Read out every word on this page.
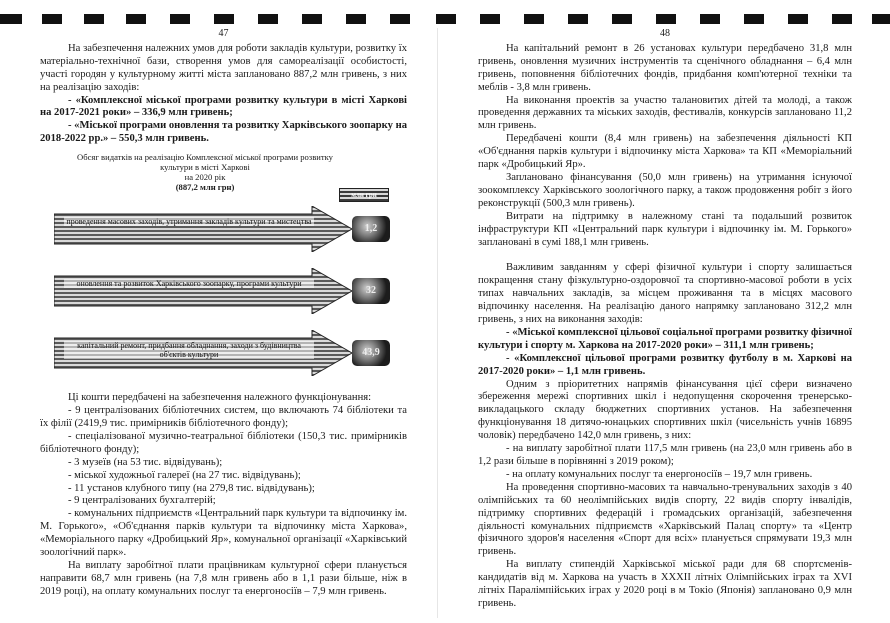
47

На забезпечення належних умов для роботи закладів культури, розвитку їх матеріально-технічної бази, створення умов для самореалізації особистості, участі городян у культурному житті міста заплановано 887,2 млн гривень, з них на реалізацію заходів:

- «Комплексної міської програми розвитку культури в місті Харкові на 2017-2021 роки» – 336,9 млн гривень;

- «Міської програми оновлення та розвитку Харківського зоопарку на 2018-2022 рр.» – 550,3 млн гривень.

Обсяг видатків на реалізацію Комплексної міської програми розвитку
культури в місті Харкові
на 2020 рік
(887,2 млн грн)
млн грн
проведення масових заходів, утримання закладів культури та мистецтва
1,2
оновлення та розвиток Харківського зоопарку, програми культури
32
капітальний ремонт, придбання обладнання, заходи з будівництва об'єктів культури	43,9

Ці кошти передбачені на забезпечення належного функціонування:

- 9 централізованих бібліотечних систем, що включають 74 бібліотеки та їх філії (2419,9 тис. примірників бібліотечного фонду);

- спеціалізованої музично-театральної бібліотеки (150,3 тис. примірників бібліотечного фонду);

- 3 музеїв (на 53 тис. відвідувань);

- міської художньої галереї (на 27 тис. відвідувань);

- 11 установ клубного типу (на 279,8 тис. відвідувань);

- 9 централізованих бухгалтерій;

- комунальних підприємств «Центральний парк культури та відпочинку ім. М. Горького», «Об'єднання парків культури та відпочинку міста Харкова», «Меморіального парку «Дробицький Яр», комунальної організації «Харківський зоологічний парк».

На виплату заробітної плати працівникам культурної сфери планується направити 68,7 млн гривень (на 7,8 млн гривень або в 1,1 рази більше, ніж в 2019 році), на оплату комунальних послуг та енергоносіїв – 7,9 млн гривень.

48

На капітальний ремонт в 26 установах культури передбачено 31,8 млн гривень, оновлення музичних інструментів та сценічного обладнання – 6,4 млн гривень, поповнення бібліотечних фондів, придбання комп'ютерної техніки та меблів - 3,8 млн гривень.

На виконання проектів за участю талановитих дітей та молоді, а також проведення державних та міських заходів, фестивалів, конкурсів заплановано 11,2 млн гривень.

Передбачені кошти (8,4 млн гривень) на забезпечення діяльності КП «Об'єднання парків культури і відпочинку міста Харкова» та КП «Меморіальний парк «Дробицький Яр».

Заплановано фінансування (50,0 млн гривень) на утримання існуючої зоокомплексу Харківського зоологічного парку, а також продовження робіт з його реконструкції (500,3 млн гривень).

Витрати на підтримку в належному стані та подальший розвиток інфраструктури КП «Центральний парк культури і відпочинку ім. М. Горького» заплановані в сумі 188,1 млн гривень.

Важливим завданням у сфері фізичної культури і спорту залишається покращення стану фізкультурно-оздоровчої та спортивно-масової роботи в усіх типах навчальних закладів, за місцем проживання та в місцях масового відпочинку населення. На реалізацію даного напрямку заплановано 312,2 млн гривень, з них на виконання заходів:

- «Міської комплексної цільової соціальної програми розвитку фізичної культури і спорту м. Харкова на 2017-2020 роки» – 311,1 млн гривень;

- «Комплексної цільової програми розвитку футболу в м. Харкові на 2017-2020 роки» – 1,1 млн гривень.

Одним з пріоритетних напрямів фінансування цієї сфери визначено збереження мережі спортивних шкіл і недопущення скорочення тренерсько-викладацького складу бюджетних спортивних установ. На забезпечення функціонування 18 дитячо-юнацьких спортивних шкіл (чисельність учнів 16895 чоловік) передбачено 142,0 млн гривень, з них:

- на виплату заробітної плати 117,5 млн гривень (на 23,0 млн гривень або в 1,2 рази більше в порівнянні з 2019 роком);

- на оплату комунальних послуг та енергоносіїв – 19,7 млн гривень.

На проведення спортивно-масових та навчально-тренувальних заходів з 40 олімпійських та 60 неолімпійських видів спорту, 22 видів спорту інвалідів, підтримку спортивних федерацій і громадських організацій, забезпечення діяльності комунальних підприємств «Харківський Палац спорту» та «Центр фізичного здоров'я населення «Спорт для всіх» планується спрямувати 19,3 млн гривень.

На виплату стипендій Харківської міської ради для 68 спортсменів-кандидатів від м. Харкова на участь в XXXII літніх Олімпійських іграх та XVI літніх Паралімпійських іграх у 2020 році в м Токіо (Японія) заплановано 0,9 млн гривень.
